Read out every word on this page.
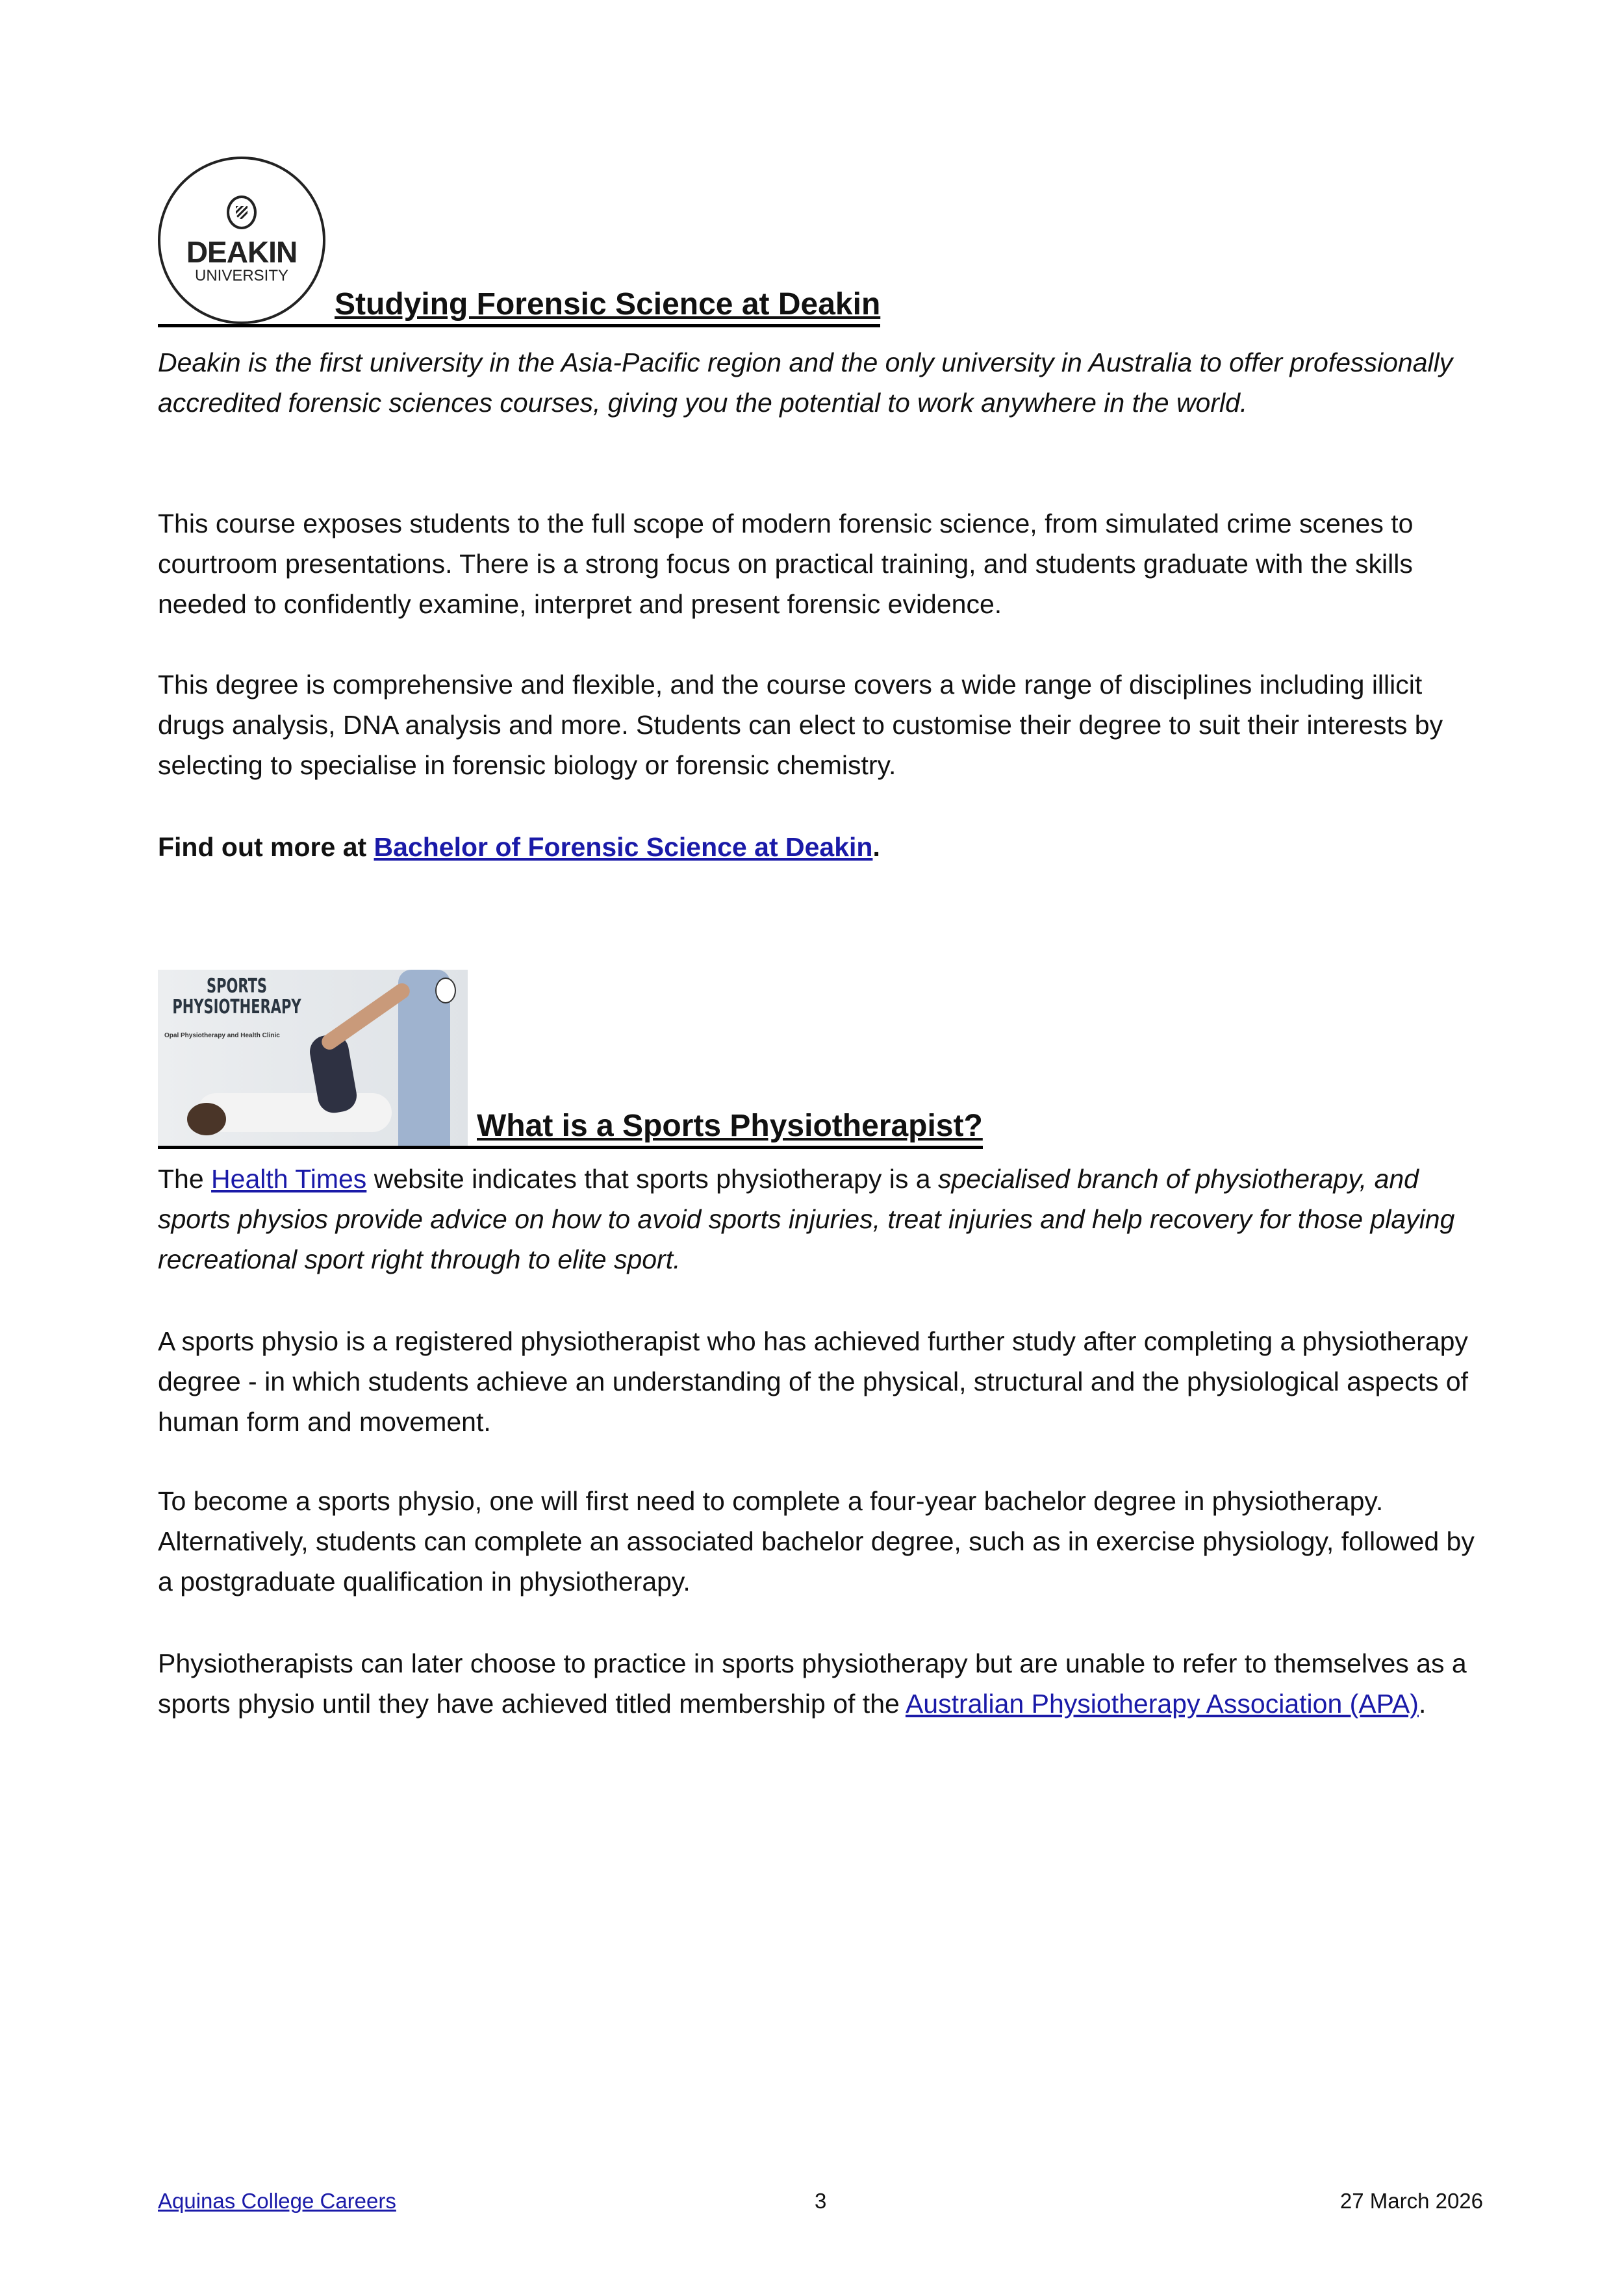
DEAKIN
UNIVERSITY
Studying Forensic Science at Deakin
Deakin is the first university in the Asia-Pacific region and the only university in Australia to offer professionally accredited forensic sciences courses, giving you the potential to work anywhere in the world.
This course exposes students to the full scope of modern forensic science, from simulated crime scenes to courtroom presentations. There is a strong focus on practical training, and students graduate with the skills needed to confidently examine, interpret and present forensic evidence.
This degree is comprehensive and flexible, and the course covers a wide range of disciplines including illicit drugs analysis, DNA analysis and more. Students can elect to customise their degree to suit their interests by selecting to specialise in forensic biology or forensic chemistry.
Find out more at Bachelor of Forensic Science at Deakin.
SPORTS PHYSIOTHERAPY
Opal Physiotherapy and Health Clinic
What is a Sports Physiotherapist?
The Health Times website indicates that sports physiotherapy is a specialised branch of physiotherapy, and sports physios provide advice on how to avoid sports injuries, treat injuries and help recovery for those playing recreational sport right through to elite sport.
A sports physio is a registered physiotherapist who has achieved further study after completing a physiotherapy degree - in which students achieve an understanding of the physical, structural and the physiological aspects of human form and movement.
To become a sports physio, one will first need to complete a four-year bachelor degree in physiotherapy. Alternatively, students can complete an associated bachelor degree, such as in exercise physiology, followed by a postgraduate qualification in physiotherapy.
Physiotherapists can later choose to practice in sports physiotherapy but are unable to refer to themselves as a sports physio until they have achieved titled membership of the Australian Physiotherapy Association (APA).
Aquinas College Careers	3	27 March 2026
